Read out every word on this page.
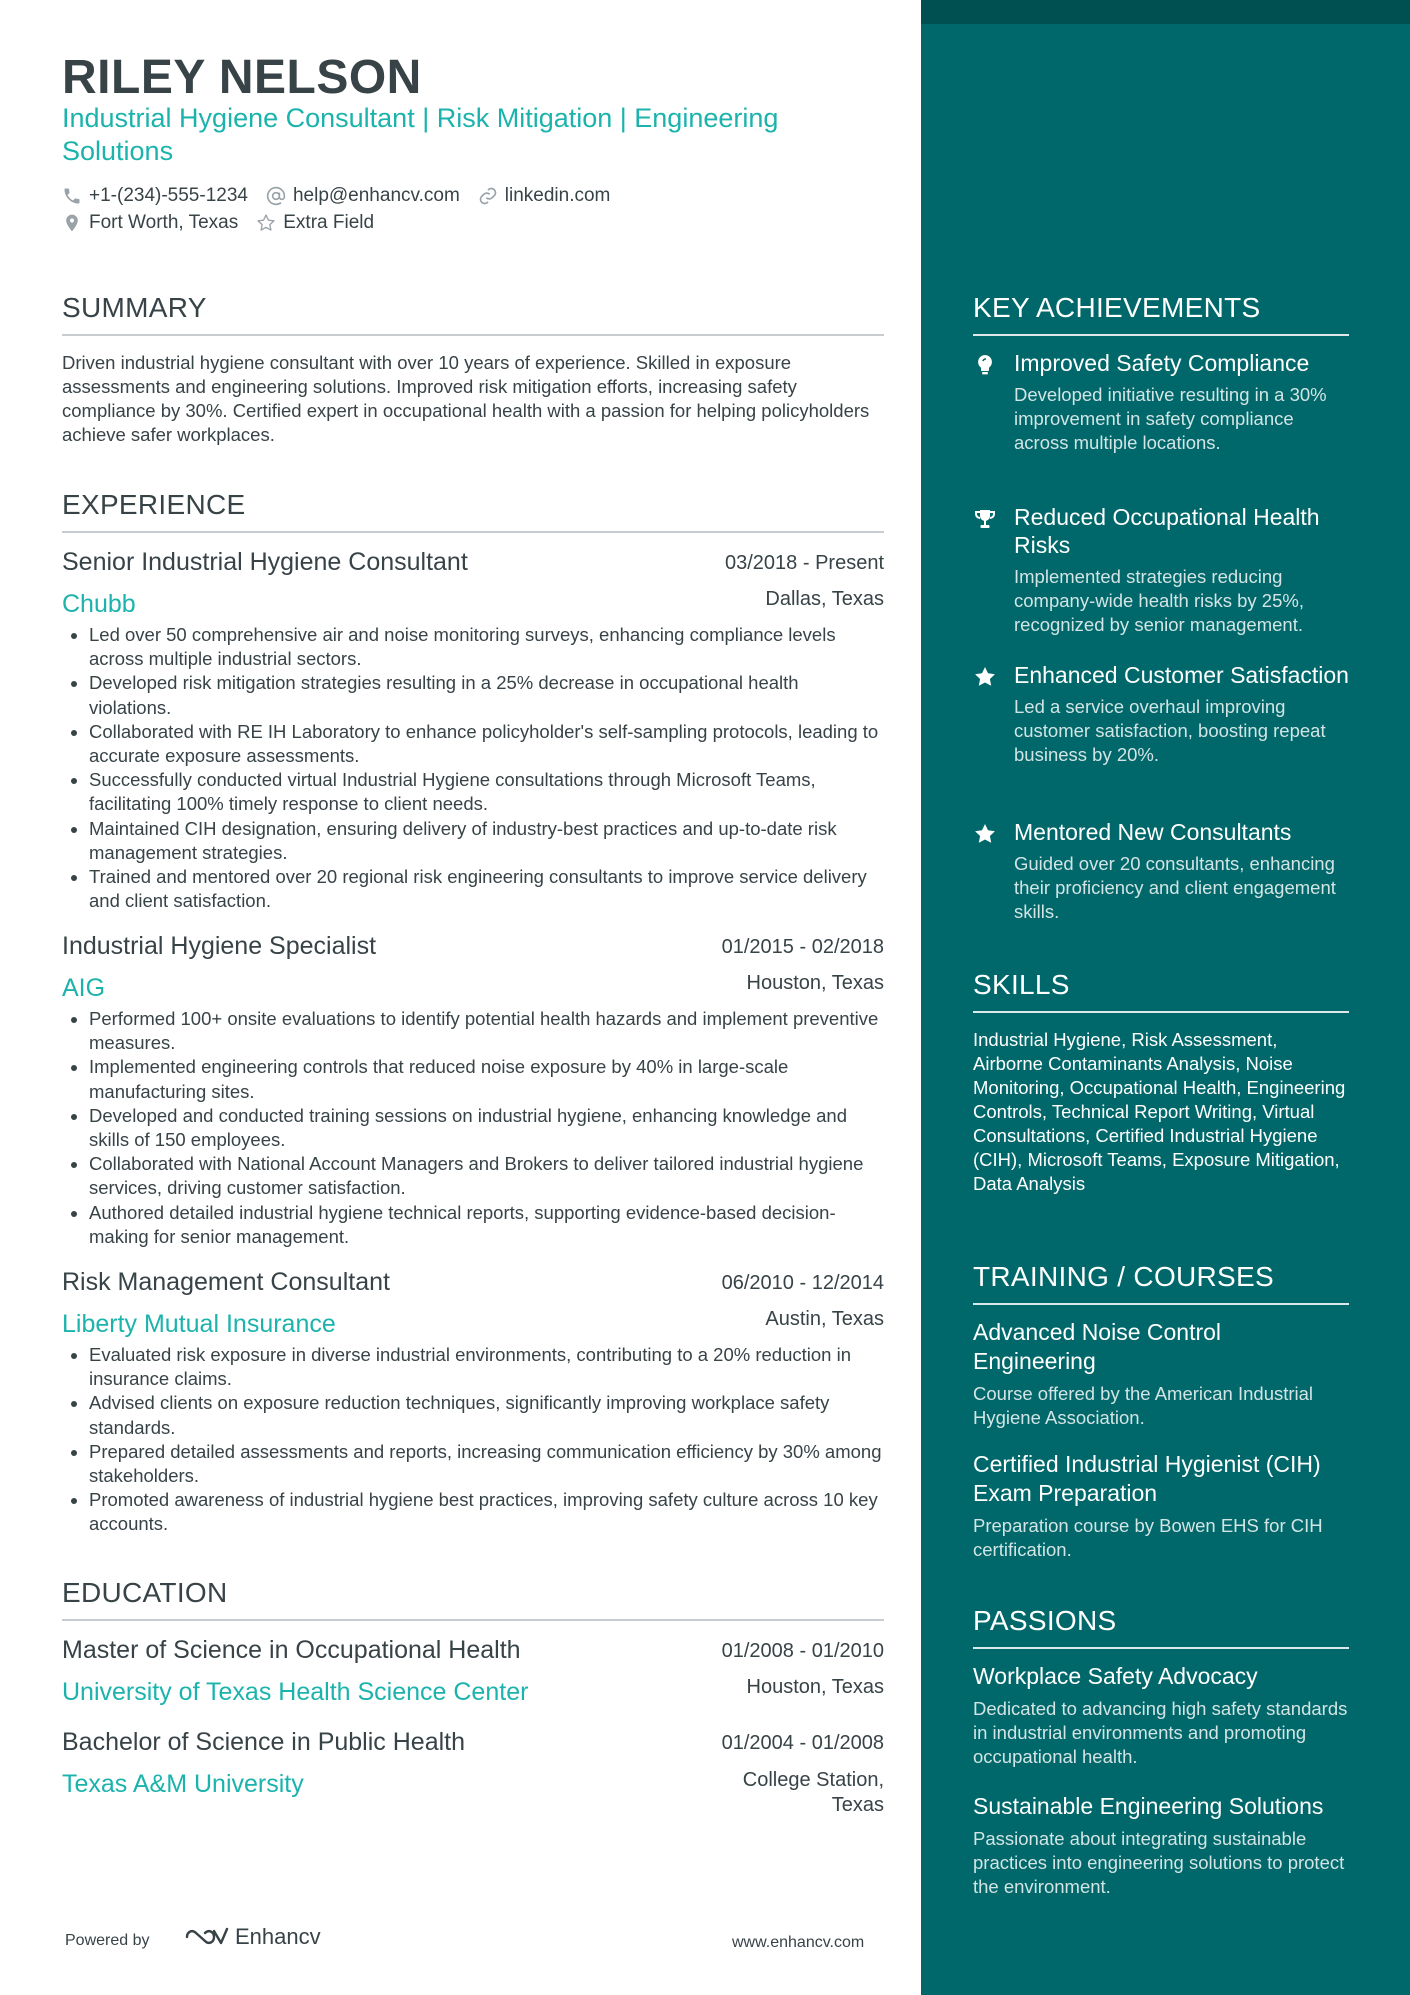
RILEY NELSON
Industrial Hygiene Consultant | Risk Mitigation | Engineering Solutions
+1-(234)-555-1234 help@enhancv.com linkedin.com
Fort Worth, Texas Extra Field
SUMMARY
Driven industrial hygiene consultant with over 10 years of experience. Skilled in exposure assessments and engineering solutions. Improved risk mitigation efforts, increasing safety compliance by 30%. Certified expert in occupational health with a passion for helping policyholders achieve safer workplaces.
EXPERIENCE
Senior Industrial Hygiene Consultant	03/2018 - Present
Chubb	Dallas, Texas
• Led over 50 comprehensive air and noise monitoring surveys, enhancing compliance levels across multiple industrial sectors.
• Developed risk mitigation strategies resulting in a 25% decrease in occupational health violations.
• Collaborated with RE IH Laboratory to enhance policyholder's self-sampling protocols, leading to accurate exposure assessments.
• Successfully conducted virtual Industrial Hygiene consultations through Microsoft Teams, facilitating 100% timely response to client needs.
• Maintained CIH designation, ensuring delivery of industry-best practices and up-to-date risk management strategies.
• Trained and mentored over 20 regional risk engineering consultants to improve service delivery and client satisfaction.
Industrial Hygiene Specialist	01/2015 - 02/2018
AIG	Houston, Texas
• Performed 100+ onsite evaluations to identify potential health hazards and implement preventive measures.
• Implemented engineering controls that reduced noise exposure by 40% in large-scale manufacturing sites.
• Developed and conducted training sessions on industrial hygiene, enhancing knowledge and skills of 150 employees.
• Collaborated with National Account Managers and Brokers to deliver tailored industrial hygiene services, driving customer satisfaction.
• Authored detailed industrial hygiene technical reports, supporting evidence-based decision-making for senior management.
Risk Management Consultant	06/2010 - 12/2014
Liberty Mutual Insurance	Austin, Texas
• Evaluated risk exposure in diverse industrial environments, contributing to a 20% reduction in insurance claims.
• Advised clients on exposure reduction techniques, significantly improving workplace safety standards.
• Prepared detailed assessments and reports, increasing communication efficiency by 30% among stakeholders.
• Promoted awareness of industrial hygiene best practices, improving safety culture across 10 key accounts.
EDUCATION
Master of Science in Occupational Health	01/2008 - 01/2010
University of Texas Health Science Center	Houston, Texas
Bachelor of Science in Public Health	01/2004 - 01/2008
Texas A&M University	College Station, Texas
Powered by	Enhancv	www.enhancv.com
KEY ACHIEVEMENTS
Improved Safety Compliance
Developed initiative resulting in a 30% improvement in safety compliance across multiple locations.
Reduced Occupational Health Risks
Implemented strategies reducing company-wide health risks by 25%, recognized by senior management.
Enhanced Customer Satisfaction
Led a service overhaul improving customer satisfaction, boosting repeat business by 20%.
Mentored New Consultants
Guided over 20 consultants, enhancing their proficiency and client engagement skills.
SKILLS
Industrial Hygiene, Risk Assessment, Airborne Contaminants Analysis, Noise Monitoring, Occupational Health, Engineering Controls, Technical Report Writing, Virtual Consultations, Certified Industrial Hygiene (CIH), Microsoft Teams, Exposure Mitigation, Data Analysis
TRAINING / COURSES
Advanced Noise Control Engineering
Course offered by the American Industrial Hygiene Association.
Certified Industrial Hygienist (CIH) Exam Preparation
Preparation course by Bowen EHS for CIH certification.
PASSIONS
Workplace Safety Advocacy
Dedicated to advancing high safety standards in industrial environments and promoting occupational health.
Sustainable Engineering Solutions
Passionate about integrating sustainable practices into engineering solutions to protect the environment.
